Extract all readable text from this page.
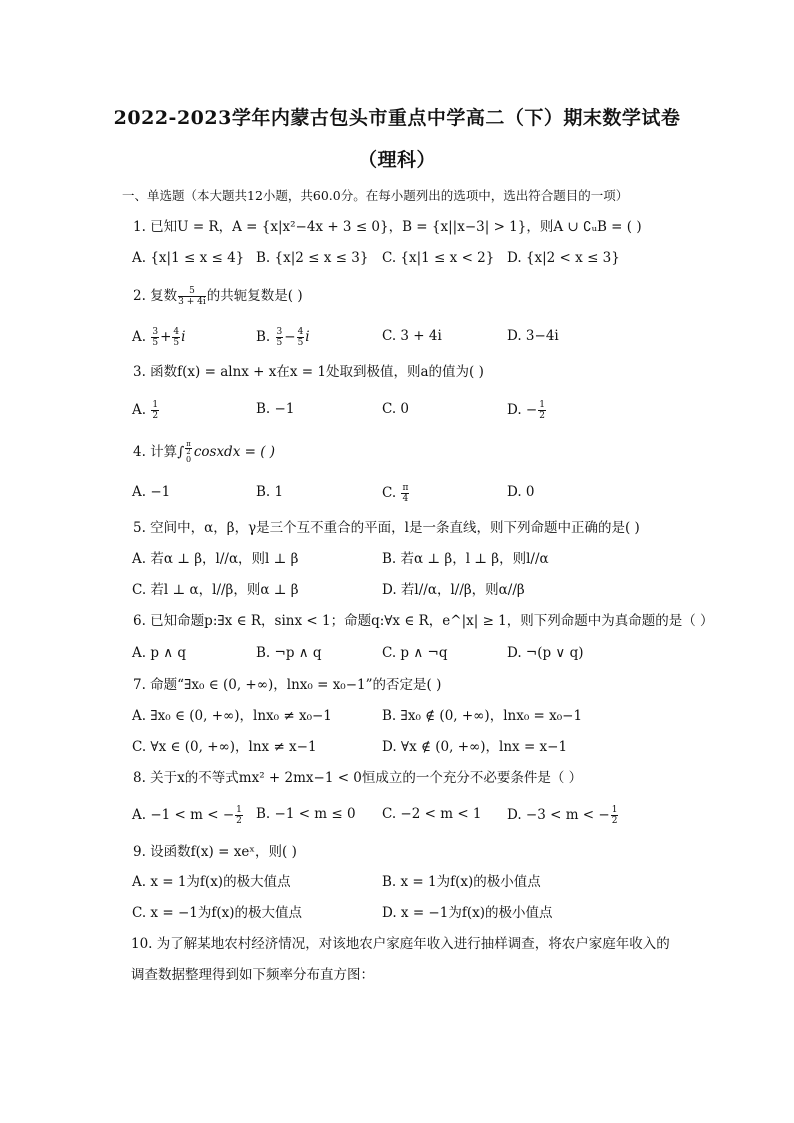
2022-2023学年内蒙古包头市重点中学高二（下）期末数学试卷
（理科）
一、单选题（本大题共12小题，共60.0分。在每小题列出的选项中，选出符合题目的一项）
1. 已知U = R，A = {x|x²−4x + 3 ≤ 0}，B = {x||x−3| > 1}，则A ∪ ∁ᵤB = ( )
A. {x|1 ≤ x ≤ 4} B. {x|2 ≤ x ≤ 3} C. {x|1 ≤ x < 2} D. {x|2 < x ≤ 3}
2. 复数 $\frac{5}{3 + 4i}$ 的共轭复数是( )
A. $\frac{3}{5} + \frac{4}{5}$ i	B. $\frac{3}{5} - \frac{4}{5}$ i	C. 3 + 4i	D. 3−4i
3. 函数f(x) = alnx + x在x = 1处取到极值，则a的值为( )
A. $\frac{1}{2}$	B. −1	C. 0	D. − $\frac{1}{2}$
4. 计算∫ $\frac{\pi}{2}$

0 cosxdx = ( )
A. −1	B. 1	C. $\frac{\pi}{4}$	D. 0
5. 空间中，α，β，γ是三个互不重合的平面，l是一条直线，则下列命题中正确的是( )
A. 若α ⊥ β，l//α，则l ⊥ β	B. 若α ⊥ β，l ⊥ β，则l//α
C. 若l ⊥ α，l//β，则α ⊥ β	D. 若l//α，l//β，则α//β
6. 已知命题p:∃x ∈ R，sinx < 1；命题q:∀x ∈ R，e^|x| ≥ 1，则下列命题中为真命题的是（ ）
A. p ∧ q	B. ¬p ∧ q	C. p ∧ ¬q	D. ¬(p ∨ q)
7. 命题“∃x₀ ∈ (0, +∞)，lnx₀ = x₀−1”的否定是( )
A. ∃x₀ ∈ (0, +∞)，lnx₀ ≠ x₀−1	B. ∃x₀ ∉ (0, +∞)，lnx₀ = x₀−1
C. ∀x ∈ (0, +∞)，lnx ≠ x−1	D. ∀x ∉ (0, +∞)，lnx = x−1
8. 关于x的不等式mx² + 2mx−1 < 0恒成立的一个充分不必要条件是（ ）
A. −1 < m < − $\frac{1}{2} B$. −1 < m ≤ 0 C. −2 < m < 1 D. −3 < m < − $\frac{1}{2}$
9. 设函数f(x) = xeˣ，则( )
A. x = 1为f(x)的极大值点	B. x = 1为f(x)的极小值点
C. x = −1为f(x)的极大值点	D. x = −1为f(x)的极小值点
10. 为了解某地农村经济情况，对该地农户家庭年收入进行抽样调查，将农户家庭年收入的
调查数据整理得到如下频率分布直方图：
